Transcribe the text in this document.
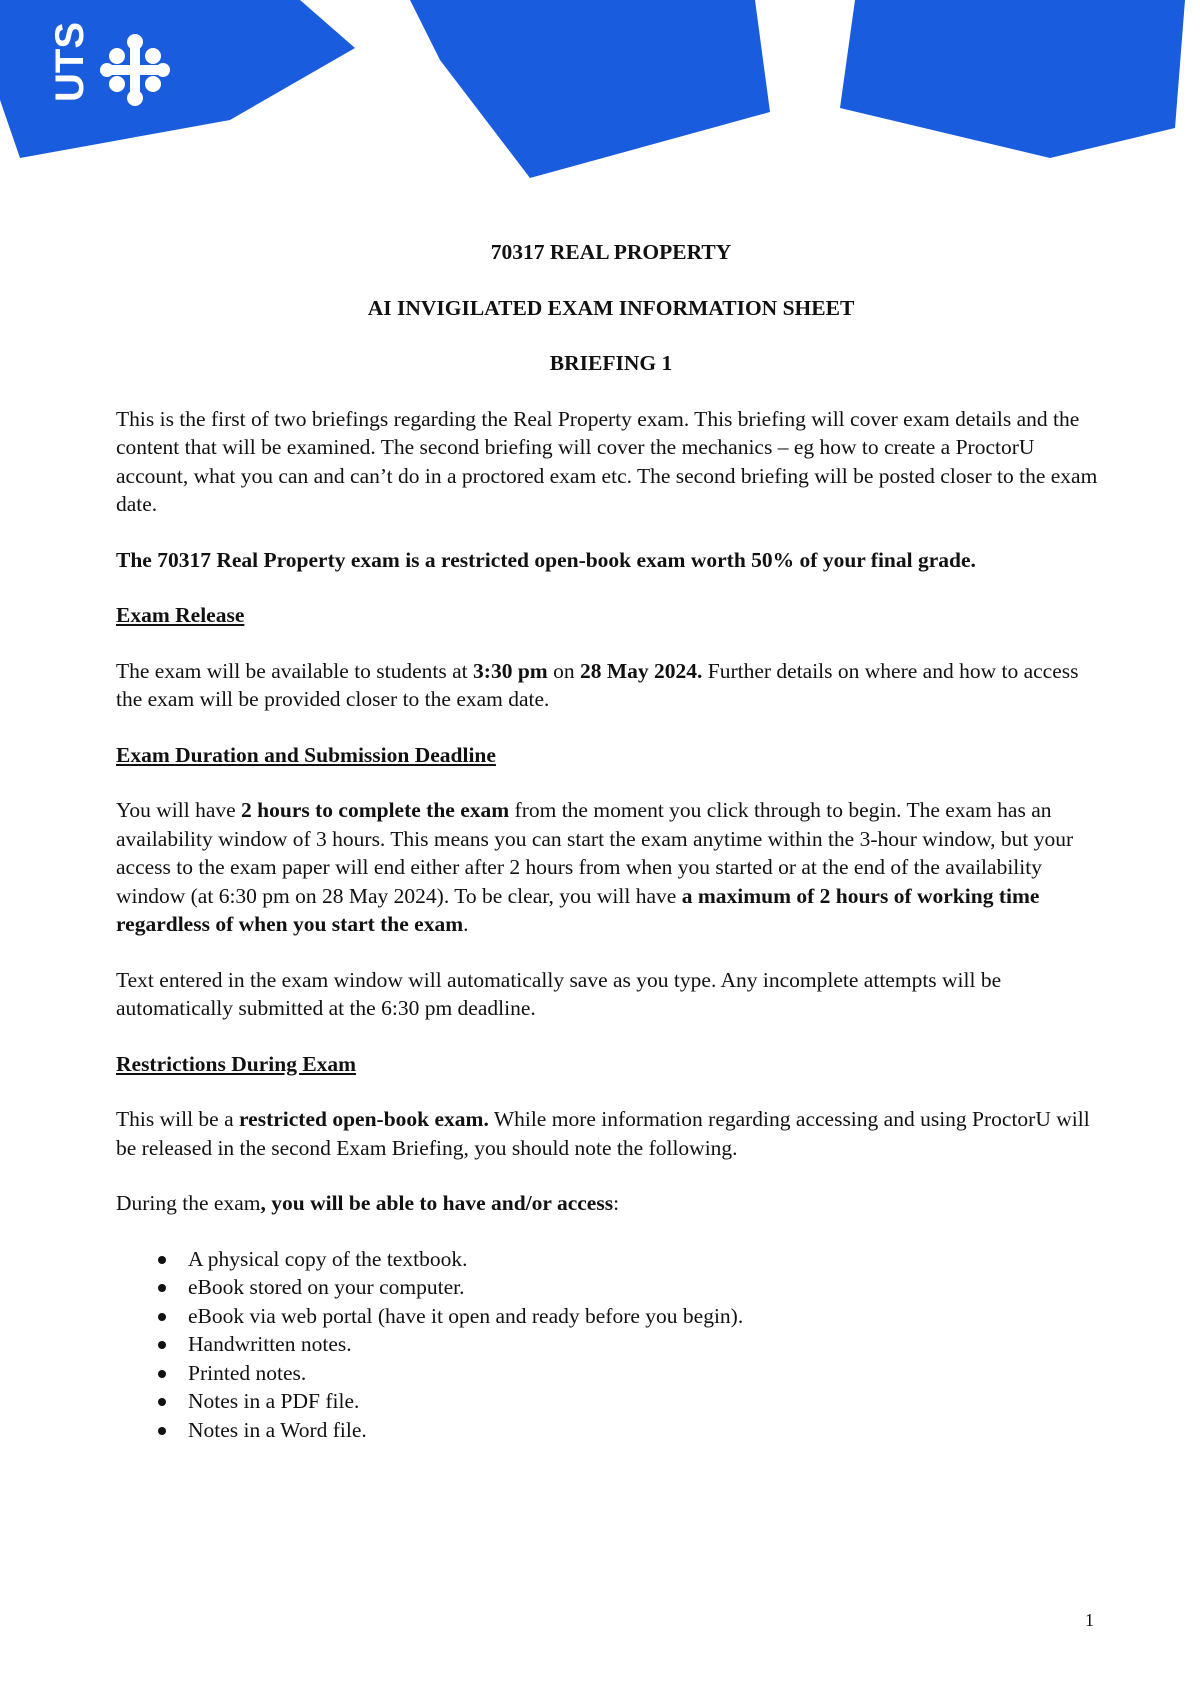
UTS

70317 REAL PROPERTY

AI INVIGILATED EXAM INFORMATION SHEET

BRIEFING 1

This is the first of two briefings regarding the Real Property exam. This briefing will cover exam details and the content that will be examined. The second briefing will cover the mechanics – eg how to create a ProctorU account, what you can and can’t do in a proctored exam etc. The second briefing will be posted closer to the exam date.

The 70317 Real Property exam is a restricted open-book exam worth 50% of your final grade.

Exam Release

The exam will be available to students at 3:30 pm on 28 May 2024. Further details on where and how to access the exam will be provided closer to the exam date.

Exam Duration and Submission Deadline

You will have 2 hours to complete the exam from the moment you click through to begin. The exam has an availability window of 3 hours. This means you can start the exam anytime within the 3-hour window, but your access to the exam paper will end either after 2 hours from when you started or at the end of the availability window (at 6:30 pm on 28 May 2024). To be clear, you will have a maximum of 2 hours of working time regardless of when you start the exam.

Text entered in the exam window will automatically save as you type. Any incomplete attempts will be automatically submitted at the 6:30 pm deadline.

Restrictions During Exam

This will be a restricted open-book exam. While more information regarding accessing and using ProctorU will be released in the second Exam Briefing, you should note the following.

During the exam, you will be able to have and/or access:

A physical copy of the textbook.
eBook stored on your computer.
eBook via web portal (have it open and ready before you begin).
Handwritten notes.
Printed notes.
Notes in a PDF file.
Notes in a Word file.
1
